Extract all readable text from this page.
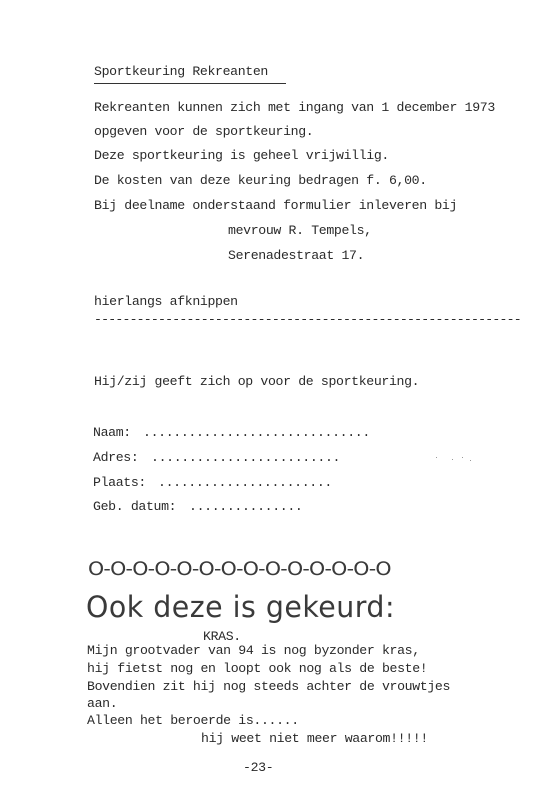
Sportkeuring Rekreanten
Rekreanten kunnen zich met ingang van 1 december 1973
opgeven voor de sportkeuring.
Deze sportkeuring is geheel vrijwillig.
De kosten van deze keuring bedragen f. 6,00.
Bij deelname onderstaand formulier inleveren bij
mevrouw R. Tempels,
Serenadestraat 17.
hierlangs afknippen
------------------------------------------------------------
Hij/zij geeft zich op voor de sportkeuring.
Naam: ..............................
Adres: .........................
Plaats: .......................
Geb. datum: ...............
O-O-O-O-O-O-O-O-O-O-O-O-O-O
Ook deze is gekeurd:
KRAS.
Mijn grootvader van 94 is nog byzonder kras,
hij fietst nog en loopt ook nog als de beste!
Bovendien zit hij nog steeds achter de vrouwtjes
aan.
Alleen het beroerde is......
hij weet niet meer waarom!!!!!
-23-
